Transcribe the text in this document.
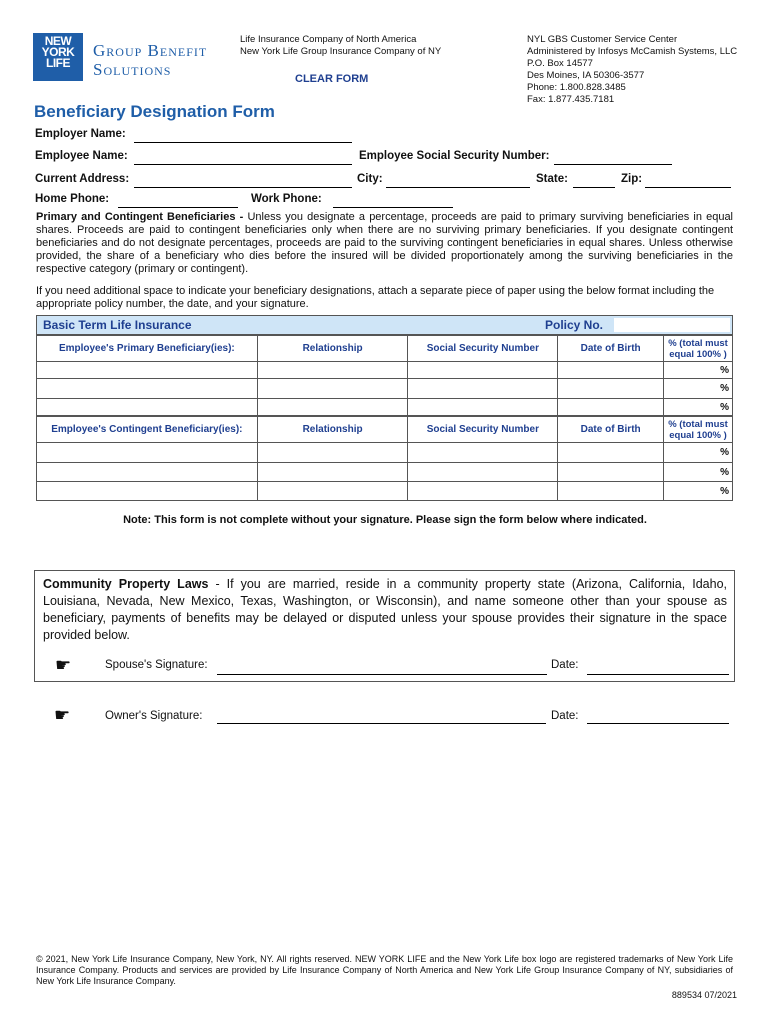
NEW
YORK
LIFE
Group Benefit
Solutions
Life Insurance Company of North America
New York Life Group Insurance Company of NY
CLEAR FORM
NYL GBS Customer Service Center
Administered by Infosys McCamish Systems, LLC
P.O. Box 14577
Des Moines, IA 50306-3577
Phone: 1.800.828.3485
Fax: 1.877.435.7181
Beneficiary Designation Form
Employer Name:
Employee Name:	Employee Social Security Number:
Current Address:	City:	State:	Zip:
Home Phone:	Work Phone:
Primary and Contingent Beneficiaries - Unless you designate a percentage, proceeds are paid to primary surviving beneficiaries in equal shares. Proceeds are paid to contingent beneficiaries only when there are no surviving primary beneficiaries. If you designate contingent beneficiaries and do not designate percentages, proceeds are paid to the surviving contingent beneficiaries in equal shares. Unless otherwise provided, the share of a beneficiary who dies before the insured will be divided proportionately among the surviving beneficiaries in the respective category (primary or contingent).
If you need additional space to indicate your beneficiary designations, attach a separate piece of paper using the below format including the appropriate policy number, the date, and your signature.
Basic Term Life Insurance	Policy No.
Employee's Primary Beneficiary(ies):	Relationship	Social Security Number	Date of Birth	% (total must equal 100% )
				%
				%
				%
Employee's Contingent Beneficiary(ies):	Relationship	Social Security Number	Date of Birth	% (total must equal 100% )
				%
				%
				%
Note: This form is not complete without your signature. Please sign the form below where indicated.
Community Property Laws - If you are married, reside in a community property state (Arizona, California, Idaho, Louisiana, Nevada, New Mexico, Texas, Washington, or Wisconsin), and name someone other than your spouse as beneficiary, payments of benefits may be delayed or disputed unless your spouse provides their signature in the space provided below.
☛	Spouse's Signature:	Date:
☛	Owner's Signature:	Date:
© 2021, New York Life Insurance Company, New York, NY. All rights reserved. NEW YORK LIFE and the New York Life box logo are registered trademarks of New York Life Insurance Company. Products and services are provided by Life Insurance Company of North America and New York Life Group Insurance Company of NY, subsidiaries of New York Life Insurance Company.
889534 07/2021
